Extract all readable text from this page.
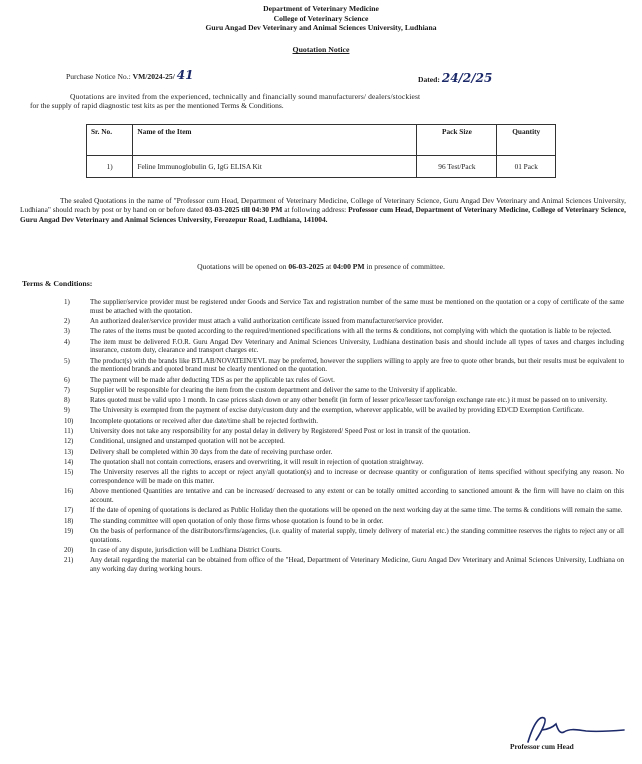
Department of Veterinary Medicine
College of Veterinary Science
Guru Angad Dev Veterinary and Animal Sciences University, Ludhiana
Quotation Notice
Purchase Notice No.: VM/2024-25/ 41	Dated: 24/2/25
Quotations are invited from the experienced, technically and financially sound manufacturers/ dealers/stockiest
for the supply of rapid diagnostic test kits as per the mentioned Terms & Conditions.
Sr. No.	Name of the Item	Pack Size	Quantity
1)	Feline Immunoglobulin G, IgG ELISA Kit	96 Test/Pack	01 Pack
The sealed Quotations in the name of "Professor cum Head, Department of Veterinary Medicine, College of Veterinary Science, Guru Angad Dev Veterinary and Animal Sciences University, Ludhiana" should reach by post or by hand on or before dated 03-03-2025 till 04:30 PM at following address: Professor cum Head, Department of Veterinary Medicine, College of Veterinary Science, Guru Angad Dev Veterinary and Animal Sciences University, Ferozepur Road, Ludhiana, 141004.
Quotations will be opened on 06-03-2025 at 04:00 PM in presence of committee.
Terms & Conditions:
1)	The supplier/service provider must be registered under Goods and Service Tax and registration number of the same must be mentioned on the quotation or a copy of certificate of the same must be attached with the quotation.
2)	An authorized dealer/service provider must attach a valid authorization certificate issued from manufacturer/service provider.
3)	The rates of the items must be quoted according to the required/mentioned specifications with all the terms & conditions, not complying with which the quotation is liable to be rejected.
4)	The item must be delivered F.O.R. Guru Angad Dev Veterinary and Animal Sciences University, Ludhiana destination basis and should include all types of taxes and charges including insurance, custom duty, clearance and transport charges etc.
5)	The product(s) with the brands like BTLAB/NOVATEIN/EVL may be preferred, however the suppliers willing to apply are free to quote other brands, but their results must be equivalent to the mentioned brands and quoted brand must be clearly mentioned on the quotation.
6)	The payment will be made after deducting TDS as per the applicable tax rules of Govt.
7)	Supplier will be responsible for clearing the item from the custom department and deliver the same to the University if applicable.
8)	Rates quoted must be valid upto 1 month. In case prices slash down or any other benefit (in form of lesser price/lesser tax/foreign exchange rate etc.) it must be passed on to university.
9)	The University is exempted from the payment of excise duty/custom duty and the exemption, wherever applicable, will be availed by providing ED/CD Exemption Certificate.
10)	Incomplete quotations or received after due date/time shall be rejected forthwith.
11)	University does not take any responsibility for any postal delay in delivery by Registered/ Speed Post or lost in transit of the quotation.
12)	Conditional, unsigned and unstamped quotation will not be accepted.
13)	Delivery shall be completed within 30 days from the date of receiving purchase order.
14)	The quotation shall not contain corrections, erasers and overwriting, it will result in rejection of quotation straightway.
15)	The University reserves all the rights to accept or reject any/all quotation(s) and to increase or decrease quantity or configuration of items specified without specifying any reason. No correspondence will be made on this matter.
16)	Above mentioned Quantities are tentative and can be increased/ decreased to any extent or can be totally omitted according to sanctioned amount & the firm will have no claim on this account.
17)	If the date of opening of quotations is declared as Public Holiday then the quotations will be opened on the next working day at the same time. The terms & conditions will remain the same.
18)	The standing committee will open quotation of only those firms whose quotation is found to be in order.
19)	On the basis of performance of the distributors/firms/agencies, (i.e. quality of material supply, timely delivery of material etc.) the standing committee reserves the rights to reject any or all quotations.
20)	In case of any dispute, jurisdiction will be Ludhiana District Courts.
21)	Any detail regarding the material can be obtained from office of the "Head, Department of Veterinary Medicine, Guru Angad Dev Veterinary and Animal Sciences University, Ludhiana on any working day during working hours.
Professor cum Head
